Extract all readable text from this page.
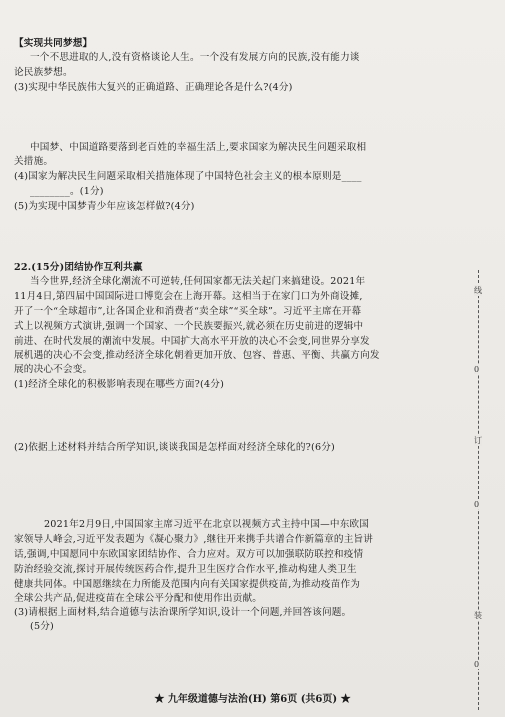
【实现共同梦想】
一个不思进取的人,没有资格谈论人生。一个没有发展方向的民族,没有能力谈
论民族梦想。
(3)实现中华民族伟大复兴的正确道路、正确理论各是什么?(4分)
中国梦、中国道路要落到老百姓的幸福生活上,要求国家为解决民生问题采取相
关措施。
(4)国家为解决民生问题采取相关措施体现了中国特色社会主义的根本原则是____
________。(1分)
(5)为实现中国梦青少年应该怎样做?(4分)
22.(15分)团结协作互利共赢
当今世界,经济全球化潮流不可逆转,任何国家都无法关起门来搞建设。2021年
11月4日,第四届中国国际进口博览会在上海开幕。这相当于在家门口为外商设摊,
开了一个“全球超市”,让各国企业和消费者“卖全球”“买全球”。习近平主席在开幕
式上以视频方式演讲,强调一个国家、一个民族要振兴,就必须在历史前进的逻辑中
前进、在时代发展的潮流中发展。中国扩大高水平开放的决心不会变,同世界分享发
展机遇的决心不会变,推动经济全球化朝着更加开放、包容、普惠、平衡、共赢方向发
展的决心不会变。
(1)经济全球化的积极影响表现在哪些方面?(4分)
(2)依据上述材料并结合所学知识,谈谈我国是怎样面对经济全球化的?(6分)
2021年2月9日,中国国家主席习近平在北京以视频方式主持中国—中东欧国
家领导人峰会,习近平发表题为《凝心聚力》,继往开来携手共谱合作新篇章的主旨讲
话,强调,中国愿同中东欧国家团结协作、合力应对。双方可以加强联防联控和疫情
防治经验交流,探讨开展传统医药合作,提升卫生医疗合作水平,推动构建人类卫生
健康共同体。中国愿继续在力所能及范围内向有关国家提供疫苗,为推动疫苗作为
全球公共产品,促进疫苗在全球公平分配和使用作出贡献。
(3)请根据上面材料,结合道德与法治课所学知识,设计一个问题,并回答该问题。
(5分)
线
0
订
0
装
0
★ 九年级道德与法治(H) 第6页 (共6页) ★
